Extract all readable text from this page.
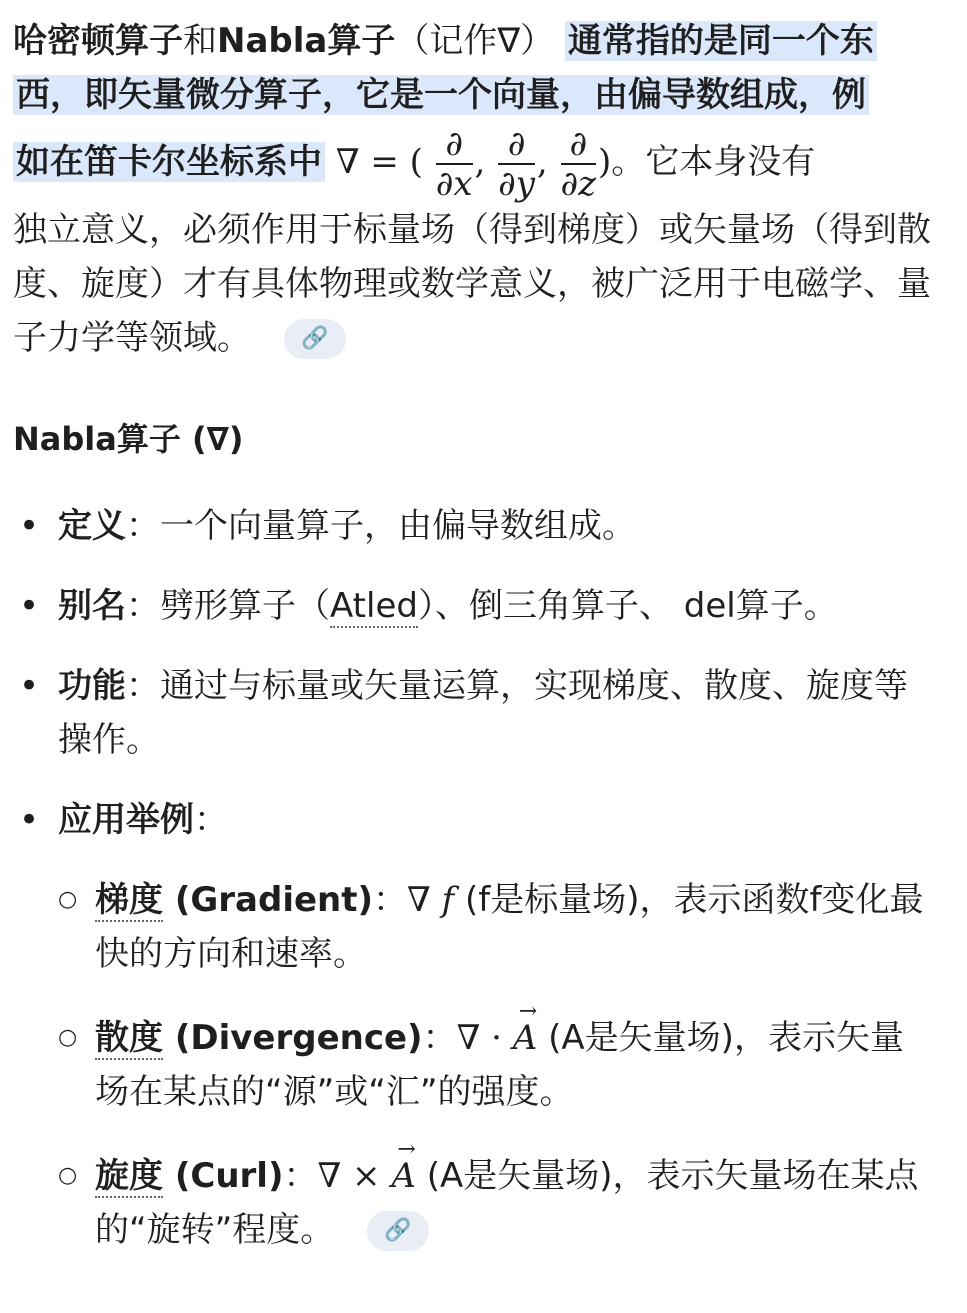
哈密顿算子和Nabla算子（记作∇） 通常指的是同一个东
西，即矢量微分算子，它是一个向量，由偏导数组成，例
如在笛卡尔坐标系中 ∇ = ( $\frac{\partial}{\partial x}$ , $\frac{\partial}{\partial y}$ , $\frac{\partial}{\partial z}$ )。它本身没有
独立意义，必须作用于标量场（得到梯度）或矢量场（得到散度、旋度）才有具体物理或数学意义，被广泛用于电磁学、量子力学等领域。 🔗
Nabla算子 (∇)
• 定义：一个向量算子，由偏导数组成。
• 别名：劈形算子（Atled）、倒三角算子、 del算子。
• 功能：通过与标量或矢量运算，实现梯度、散度、旋度等操作。
• 应用举例：
○ 梯度 (Gradient)：∇ f (f是标量场)，表示函数f变化最快的方向和速率。
○ 散度 (Divergence)：∇ · → A (A是矢量场)，表示矢量场在某点的“源”或“汇”的强度。
○ 旋度 (Curl)：∇ × → A (A是矢量场)，表示矢量场在某点的“旋转”程度。 🔗
